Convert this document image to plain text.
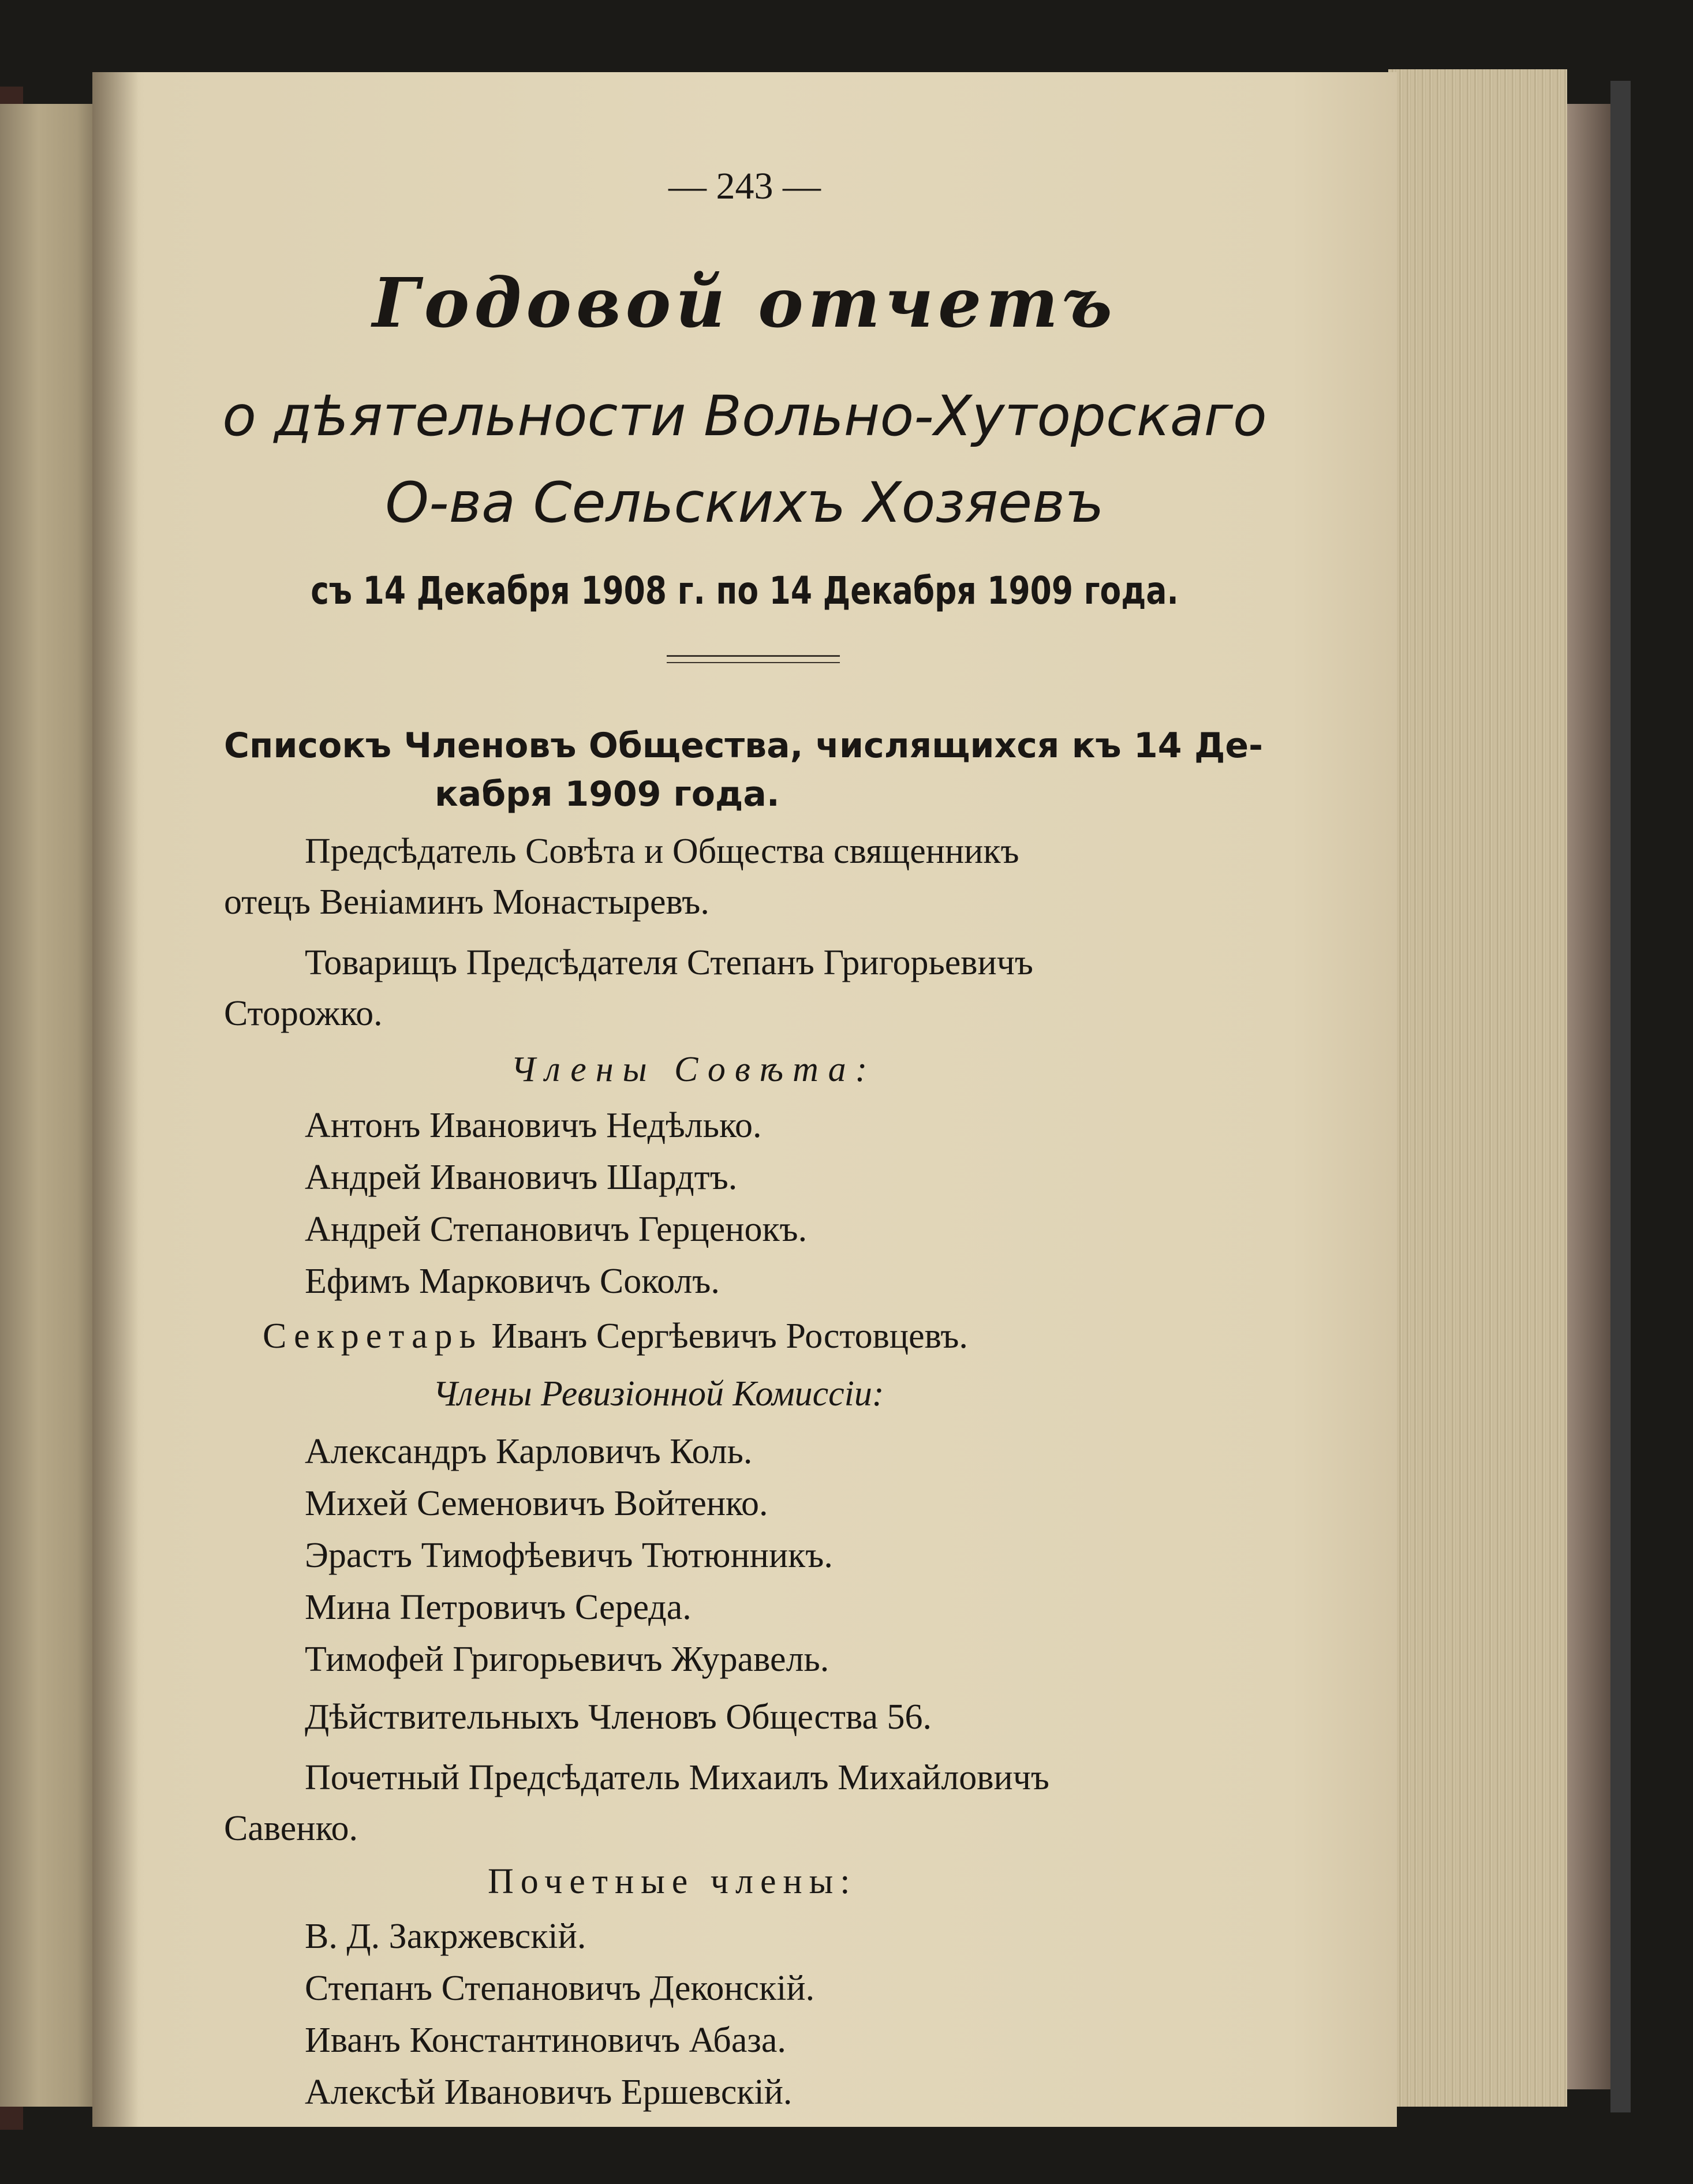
— 243 —
Годовой отчетъ
о дѣятельности Вольно-Хуторскаго
О-ва Сельскихъ Хозяевъ
съ 14 Декабря 1908 г. по 14 Декабря 1909 года.
Списокъ Членовъ Общества, числящихся къ 14 Де-
кабря 1909 года.
Предсѣдатель Совѣта и Общества священникъ
отецъ Веніаминъ Монастыревъ.
Товарищъ Предсѣдателя Степанъ Григорьевичъ
Сторожко.
Члены Совѣта:
Антонъ Ивановичъ Недѣлько.
Андрей Ивановичъ Шардтъ.
Андрей Степановичъ Герценокъ.
Ефимъ Марковичъ Соколъ.
Секретарь Иванъ Сергѣевичъ Ростовцевъ.
Члены Ревизіонной Комиссіи:
Александръ Карловичъ Коль.
Михей Семеновичъ Войтенко.
Эрастъ Тимофѣевичъ Тютюнникъ.
Мина Петровичъ Середа.
Тимофей Григорьевичъ Журавель.
Дѣйствительныхъ Членовъ Общества 56.
Почетный Предсѣдатель Михаилъ Михайловичъ
Савенко.
Почетные члены:
В. Д. Закржевскій.
Степанъ Степановичъ Деконскій.
Иванъ Константиновичъ Абаза.
Алексѣй Ивановичъ Ершевскій.
